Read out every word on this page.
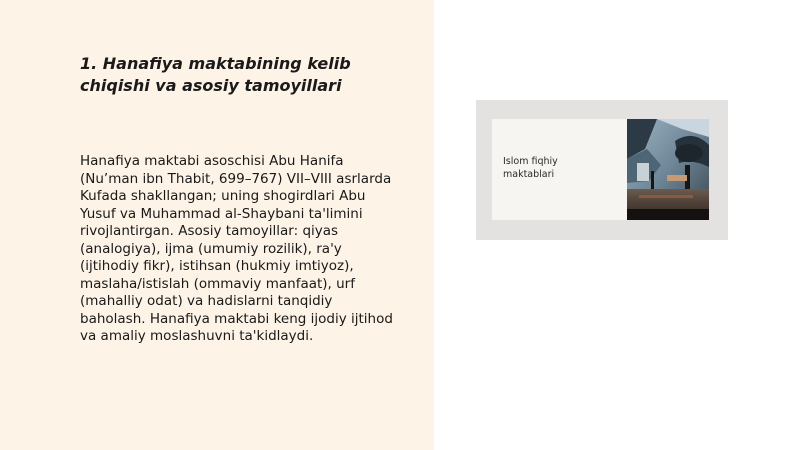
1. Hanafiya maktabining kelib chiqishi va asosiy tamoyillari

Hanafiya maktabi asoschisi Abu Hanifa (Nu’man ibn Thabit, 699–767) VII–VIII asrlarda Kufada shakllangan; uning shogirdlari Abu Yusuf va Muhammad al-Shaybani ta'limini rivojlantirgan. Asosiy tamoyillar: qiyas (analogiya), ijma (umumiy rozilik), ra'y (ijtihodiy fikr), istihsan (hukmiy imtiyoz), maslaha/istislah (ommaviy manfaat), urf (mahalliy odat) va hadislarni tanqidiy baholash. Hanafiya maktabi keng ijodiy ijtihod va amaliy moslashuvni ta'kidlaydi.

Islom fiqhiy maktablari
